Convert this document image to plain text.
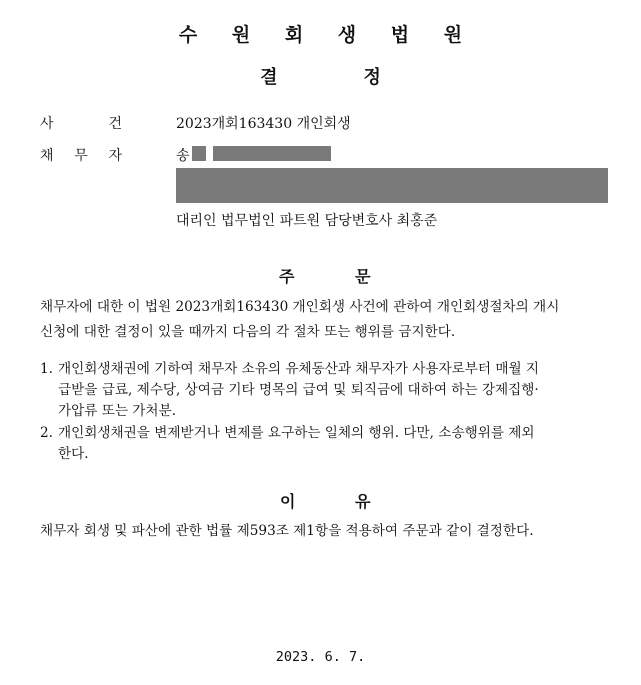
수 원 회 생 법 원
결	정
사	건	2023개회163430 개인회생
채 무 자	송
대리인 법무법인 파트원 담당변호사 최홍준
주	문
채무자에 대한 이 법원 2023개회163430 개인회생 사건에 관하여 개인회생절차의 개시
신청에 대한 결정이 있을 때까지 다음의 각 절차 또는 행위를 금지한다.
1. 개인회생채권에 기하여 채무자 소유의 유체동산과 채무자가 사용자로부터 매월 지
급받을 급료, 제수당, 상여금 기타 명목의 급여 및 퇴직금에 대하여 하는 강제집행·
가압류 또는 가처분.
2. 개인회생채권을 변제받거나 변제를 요구하는 일체의 행위. 다만, 소송행위를 제외
한다.
이	유
채무자 회생 및 파산에 관한 법률 제593조 제1항을 적용하여 주문과 같이 결정한다.
2023. 6. 7.
